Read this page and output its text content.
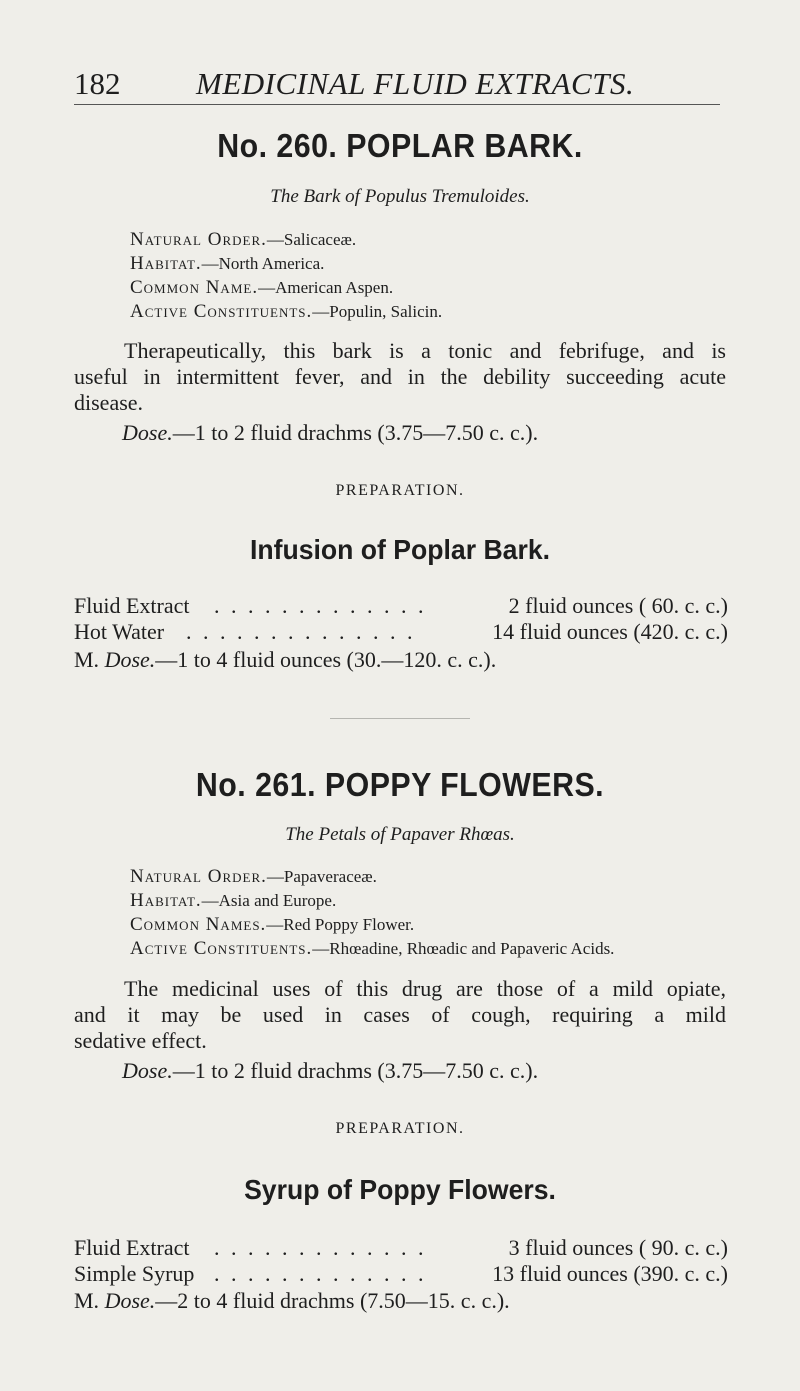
182 MEDICINAL FLUID EXTRACTS.
No. 260. POPLAR BARK.
The Bark of Populus Tremuloides.
Natural Order.—Salicaceæ.
Habitat.—North America.
Common Name.—American Aspen.
Active Constituents.—Populin, Salicin.
Therapeutically, this bark is a tonic and febrifuge, and is
useful in intermittent fever, and in the debility succeeding acute
disease.
Dose.—1 to 2 fluid drachms (3.75—7.50 c. c.).
PREPARATION.
Infusion of Poplar Bark.
Fluid Extract . . . . . . . . . . . . .	2 fluid ounces ( 60. c. c.)
Hot Water . . . . . . . . . . . . . .	14 fluid ounces (420. c. c.)
M. Dose.—1 to 4 fluid ounces (30.—120. c. c.).
No. 261. POPPY FLOWERS.
The Petals of Papaver Rhœas.
Natural Order.—Papaveraceæ.
Habitat.—Asia and Europe.
Common Names.—Red Poppy Flower.
Active Constituents.—Rhœadine, Rhœadic and Papaveric Acids.
The medicinal uses of this drug are those of a mild opiate,
and it may be used in cases of cough, requiring a mild
sedative effect.
Dose.—1 to 2 fluid drachms (3.75—7.50 c. c.).
PREPARATION.
Syrup of Poppy Flowers.
Fluid Extract . . . . . . . . . . . . .	3 fluid ounces ( 90. c. c.)
Simple Syrup . . . . . . . . . . . . .	13 fluid ounces (390. c. c.)
M. Dose.—2 to 4 fluid drachms (7.50—15. c. c.).
